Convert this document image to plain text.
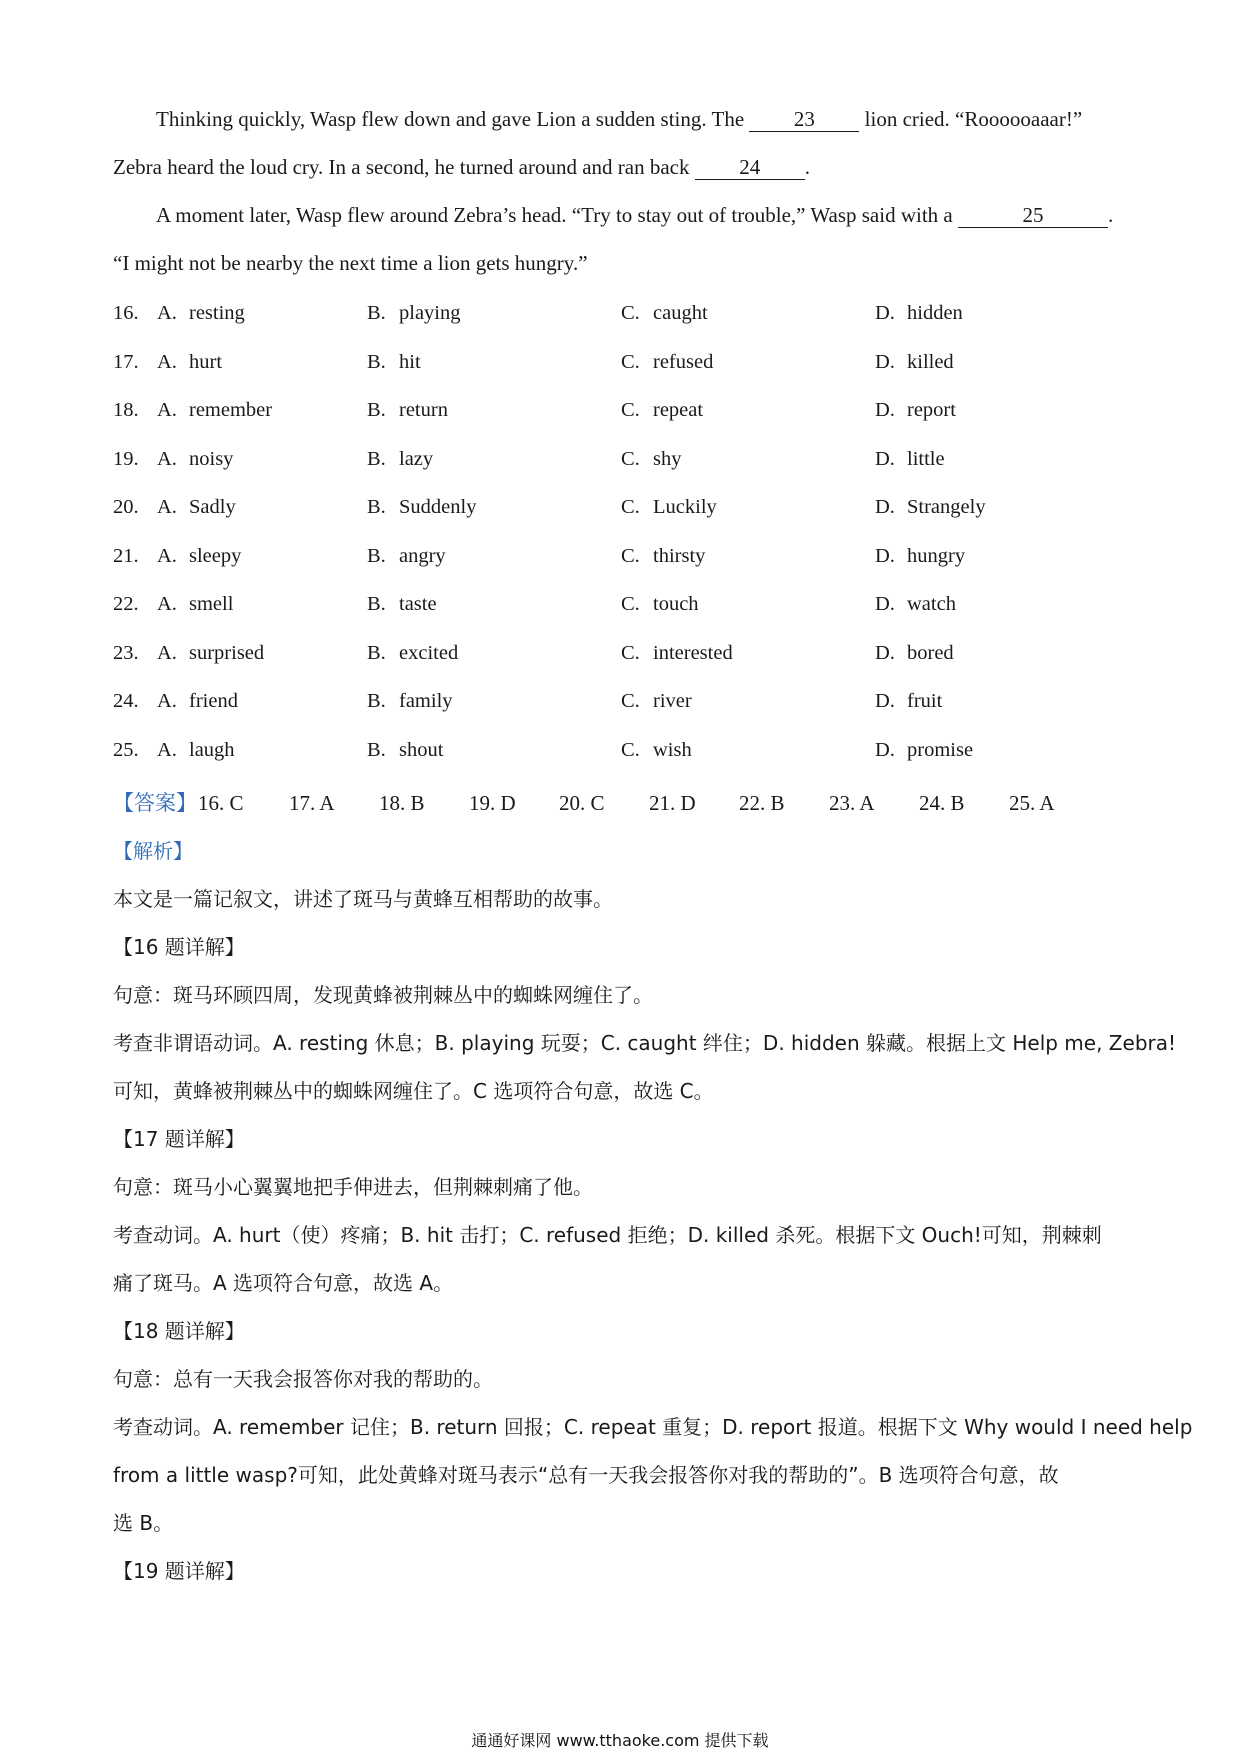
Thinking quickly, Wasp flew down and gave Lion a sudden sting. The 23 lion cried. “Roooooaaar!”
Zebra heard the loud cry. In a second, he turned around and ran back 24 .
A moment later, Wasp flew around Zebra’s head. “Try to stay out of trouble,” Wasp said with a	25	.
“I might not be nearby the next time a lion gets hungry.”
16. A. resting	B. playing	C. caught	D. hidden
17. A. hurt	B. hit	C. refused	D. killed
18. A. remember	B. return	C. repeat	D. report
19. A. noisy	B. lazy	C. shy	D. little
20. A. Sadly	B. Suddenly	C. Luckily	D. Strangely
21. A. sleepy	B. angry	C. thirsty	D. hungry
22. A. smell	B. taste	C. touch	D. watch
23. A. surprised	B. excited	C. interested	D. bored
24. A. friend	B. family	C. river	D. fruit
25. A. laugh	B. shout	C. wish	D. promise
【答案】 16. C 17. A 18. B 19. D 20. C 21. D 22. B 23. A 24. B 25. A
【解析】
本文是一篇记叙文，讲述了斑马与黄蜂互相帮助的故事。
【16 题详解】
句意：斑马环顾四周，发现黄蜂被荆棘丛中的蜘蛛网缠住了。
考查非谓语动词。A. resting 休息；B. playing 玩耍；C. caught 绊住；D. hidden 躲藏。根据上文 Help me, Zebra!
可知，黄蜂被荆棘丛中的蜘蛛网缠住了。C 选项符合句意，故选 C。
【17 题详解】
句意：斑马小心翼翼地把手伸进去，但荆棘刺痛了他。
考查动词。A. hurt（使）疼痛；B. hit 击打；C. refused 拒绝；D. killed 杀死。根据下文 Ouch!可知，荆棘刺
痛了斑马。A 选项符合句意，故选 A。
【18 题详解】
句意：总有一天我会报答你对我的帮助的。
考查动词。A. remember 记住；B. return 回报；C. repeat 重复；D. report 报道。根据下文 Why would I need help
from a little wasp?可知，此处黄蜂对斑马表示“总有一天我会报答你对我的帮助的”。B 选项符合句意，故
选 B。
【19 题详解】
通通好课网 www.tthaoke.com 提供下载
